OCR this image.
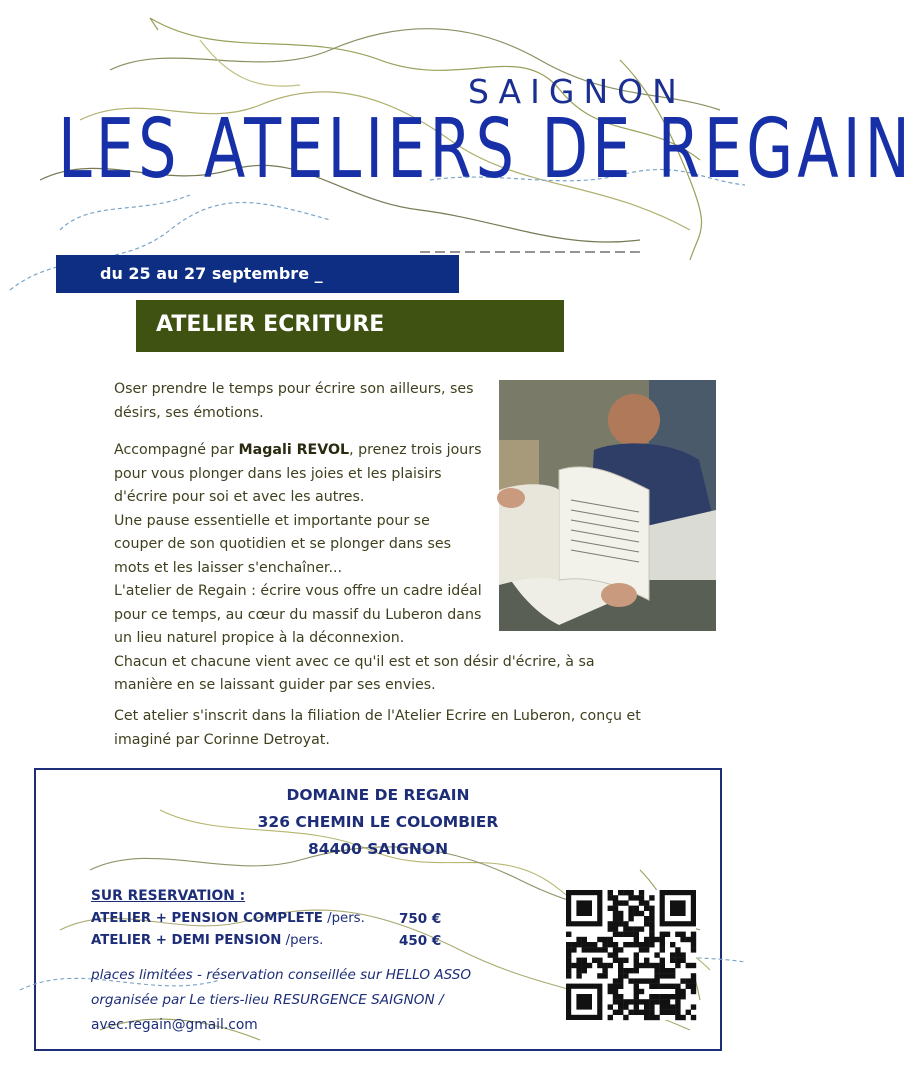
SAIGNON
LES ATELIERS DE REGAIN
du 25 au 27 septembre _
ATELIER ECRITURE
Oser prendre le temps pour écrire son ailleurs, ses
désirs, ses émotions.
Accompagné par Magali REVOL, prenez trois jours
pour vous plonger dans les joies et les plaisirs
d'écrire pour soi et avec les autres.
Une pause essentielle et importante pour se
couper de son quotidien et se plonger dans ses
mots et les laisser s'enchaîner...
L'atelier de Regain : écrire vous offre un cadre idéal
pour ce temps, au cœur du massif du Luberon dans
un lieu naturel propice à la déconnexion.
Chacun et chacune vient avec ce qu'il est et son désir d'écrire, à sa
manière en se laissant guider par ses envies.
Cet atelier s'inscrit dans la filiation de l'Atelier Ecrire en Luberon, conçu et
imaginé par Corinne Detroyat.
DOMAINE DE REGAIN
326 CHEMIN LE COLOMBIER
84400 SAIGNON
SUR RESERVATION :
ATELIER + PENSION COMPLETE /pers.	750 €
ATELIER + DEMI PENSION /pers.	450 €
places limitées - réservation conseillée sur HELLO ASSO
organisée par Le tiers-lieu RESURGENCE SAIGNON /
avec.regain@gmail.com
